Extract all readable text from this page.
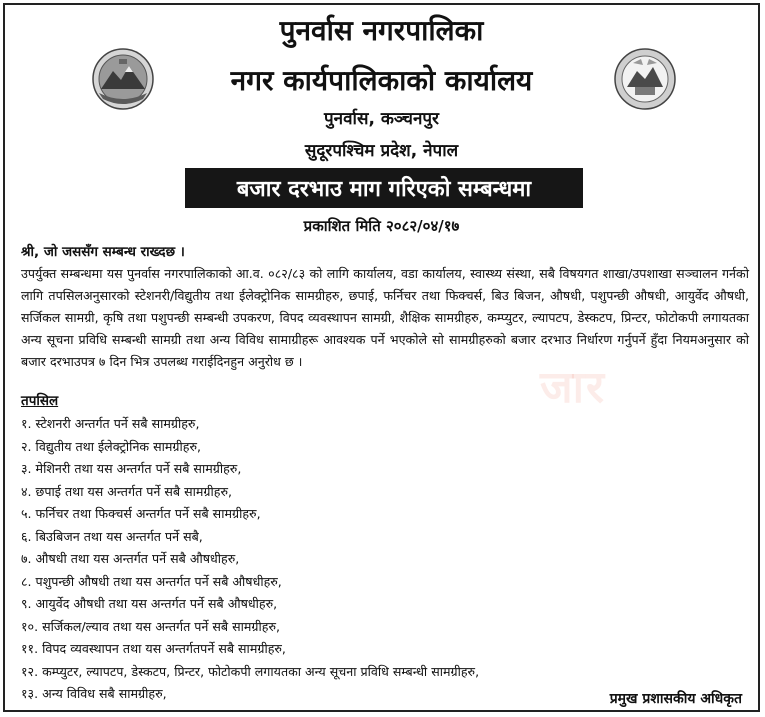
पुनर्वास नगरपालिका
नगर कार्यपालिकाको कार्यालय
पुनर्वास, कञ्चनपुर
सुदूरपश्चिम प्रदेश, नेपाल
बजार दरभाउ माग गरिएको सम्बन्धमा
प्रकाशित मिति २०८२/०४/१७
जार
श्री, जो जससँग सम्बन्ध राख्दछ ।

उपर्युक्त सम्बन्धमा यस पुनर्वास नगरपालिकाको आ.व. ०८२/८३ को लागि कार्यालय, वडा कार्यालय, स्वास्थ्य संस्था, सबै विषयगत शाखा/उपशाखा सञ्चालन गर्नको लागि तपसिलअनुसारको स्टेशनरी/विद्युतीय तथा ईलेक्ट्रोनिक सामग्रीहरु, छपाई, फर्निचर तथा फिक्चर्स, बिउ बिजन, औषधी, पशुपन्छी औषधी, आयुर्वेद औषधी, सर्जिकल सामग्री, कृषि तथा पशुपन्छी सम्बन्धी उपकरण, विपद व्यवस्थापन सामग्री, शैक्षिक सामग्रीहरु, कम्प्युटर, ल्यापटप, डेस्कटप, प्रिन्टर, फोटोकपी लगायतका अन्य सूचना प्रविधि सम्बन्धी सामग्री तथा अन्य विविध सामाग्रीहरू आवश्यक पर्ने भएकोले सो सामग्रीहरुको बजार दरभाउ निर्धारण गर्नुपर्ने हुँदा नियमअनुसार को बजार दरभाउपत्र ७ दिन भित्र उपलब्ध गराईदिनहुन अनुरोध छ ।

तपसिल
१. स्टेशनरी अन्तर्गत पर्ने सबै सामग्रीहरु,
२. विद्युतीय तथा ईलेक्ट्रोनिक सामग्रीहरु,
३. मेशिनरी तथा यस अन्तर्गत पर्ने सबै सामग्रीहरु,
४. छपाई तथा यस अन्तर्गत पर्ने सबै सामग्रीहरु,
५. फर्निचर तथा फिक्चर्स अन्तर्गत पर्ने सबै सामग्रीहरु,
६. बिउबिजन तथा यस अन्तर्गत पर्ने सबै,
७. औषधी तथा यस अन्तर्गत पर्ने सबै औषधीहरु,
८. पशुपन्छी औषधी तथा यस अन्तर्गत पर्ने सबै औषधीहरु,
९. आयुर्वेद औषधी तथा यस अन्तर्गत पर्ने सबै औषधीहरु,
१०. सर्जिकल/ल्याव तथा यस अन्तर्गत पर्ने सबै सामग्रीहरु,
११. विपद व्यवस्थापन तथा यस अन्तर्गतपर्ने सबै सामग्रीहरु,
१२. कम्प्युटर, ल्यापटप, डेस्कटप, प्रिन्टर, फोटोकपी लगायतका अन्य सूचना प्रविधि सम्बन्धी सामग्रीहरु,
१३. अन्य विविध सबै सामग्रीहरु,	प्रमुख प्रशासकीय अधिकृत
